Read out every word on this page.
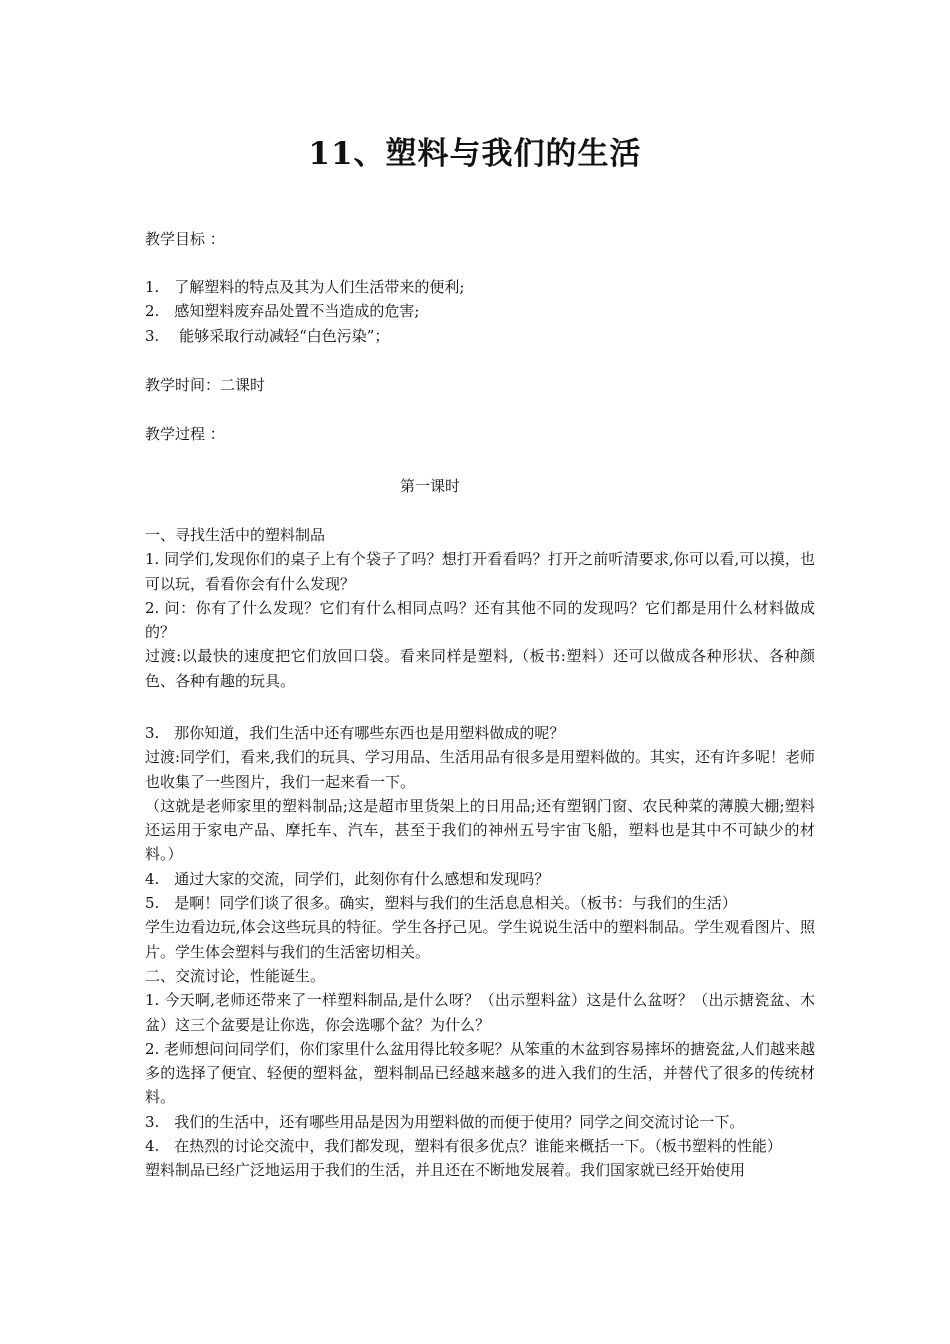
11、塑料与我们的生活

教学目标 ：

1.　了解塑料的特点及其为人们生活带来的便利;

2.　感知塑料废弃品处置不当造成的危害;

3.　 能够采取行动减轻“白色污染”；

教学时间：二课时

教学过程 ：

第一课时

一、寻找生活中的塑料制品

1. 同学们,发现你们的桌子上有个袋子了吗？想打开看看吗？打开之前听清要求,你可以看,可以摸，也可以玩，看看你会有什么发现？

2. 问：你有了什么发现？它们有什么相同点吗？还有其他不同的发现吗？它们都是用什么材料做成的？

过渡:以最快的速度把它们放回口袋。看来同样是塑料,（板书:塑料）还可以做成各种形状、各种颜色、各种有趣的玩具。

3.　那你知道，我们生活中还有哪些东西也是用塑料做成的呢？

过渡:同学们，看来,我们的玩具、学习用品、生活用品有很多是用塑料做的。其实，还有许多呢！老师也收集了一些图片，我们一起来看一下。

（这就是老师家里的塑料制品;这是超市里货架上的日用品;还有塑钢门窗、农民种菜的薄膜大棚;塑料还运用于家电产品、摩托车、汽车，甚至于我们的神州五号宇宙飞船，塑料也是其中不可缺少的材料。）

4.　通过大家的交流，同学们，此刻你有什么感想和发现吗？

5.　是啊！同学们谈了很多。确实，塑料与我们的生活息息相关。（板书：与我们的生活）

学生边看边玩,体会这些玩具的特征。学生各抒己见。学生说说生活中的塑料制品。学生观看图片、照片。学生体会塑料与我们的生活密切相关。

二、交流讨论，性能诞生。

1. 今天啊,老师还带来了一样塑料制品,是什么呀？（出示塑料盆）这是什么盆呀？（出示搪瓷盆、木盆）这三个盆要是让你选，你会选哪个盆？为什么？

2. 老师想问问同学们，你们家里什么盆用得比较多呢？从笨重的木盆到容易摔坏的搪瓷盆,人们越来越多的选择了便宜、轻便的塑料盆，塑料制品已经越来越多的进入我们的生活，并替代了很多的传统材料。

3.　我们的生活中，还有哪些用品是因为用塑料做的而便于使用？同学之间交流讨论一下。

4.　在热烈的讨论交流中，我们都发现，塑料有很多优点？谁能来概括一下。（板书塑料的性能）

塑料制品已经广泛地运用于我们的生活，并且还在不断地发展着。我们国家就已经开始使用
